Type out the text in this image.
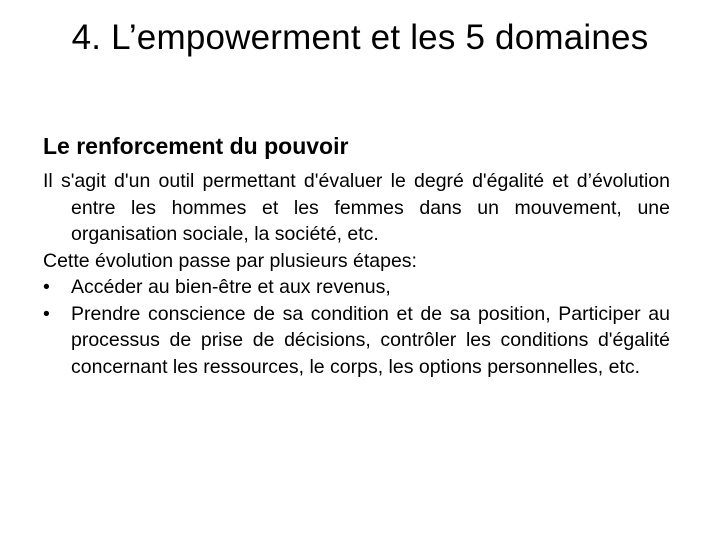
4. L’empowerment et les 5 domaines
Le renforcement du pouvoir

Il s'agit d'un outil permettant d'évaluer le degré d'égalité et d’évolution entre les hommes et les femmes dans un mouvement, une organisation sociale, la société, etc.

Cette évolution passe par plusieurs étapes:

• Accéder au bien-être et aux revenus,
• Prendre conscience de sa condition et de sa position, Participer au processus de prise de décisions, contrôler les conditions d'égalité concernant les ressources, le corps, les options personnelles, etc.
